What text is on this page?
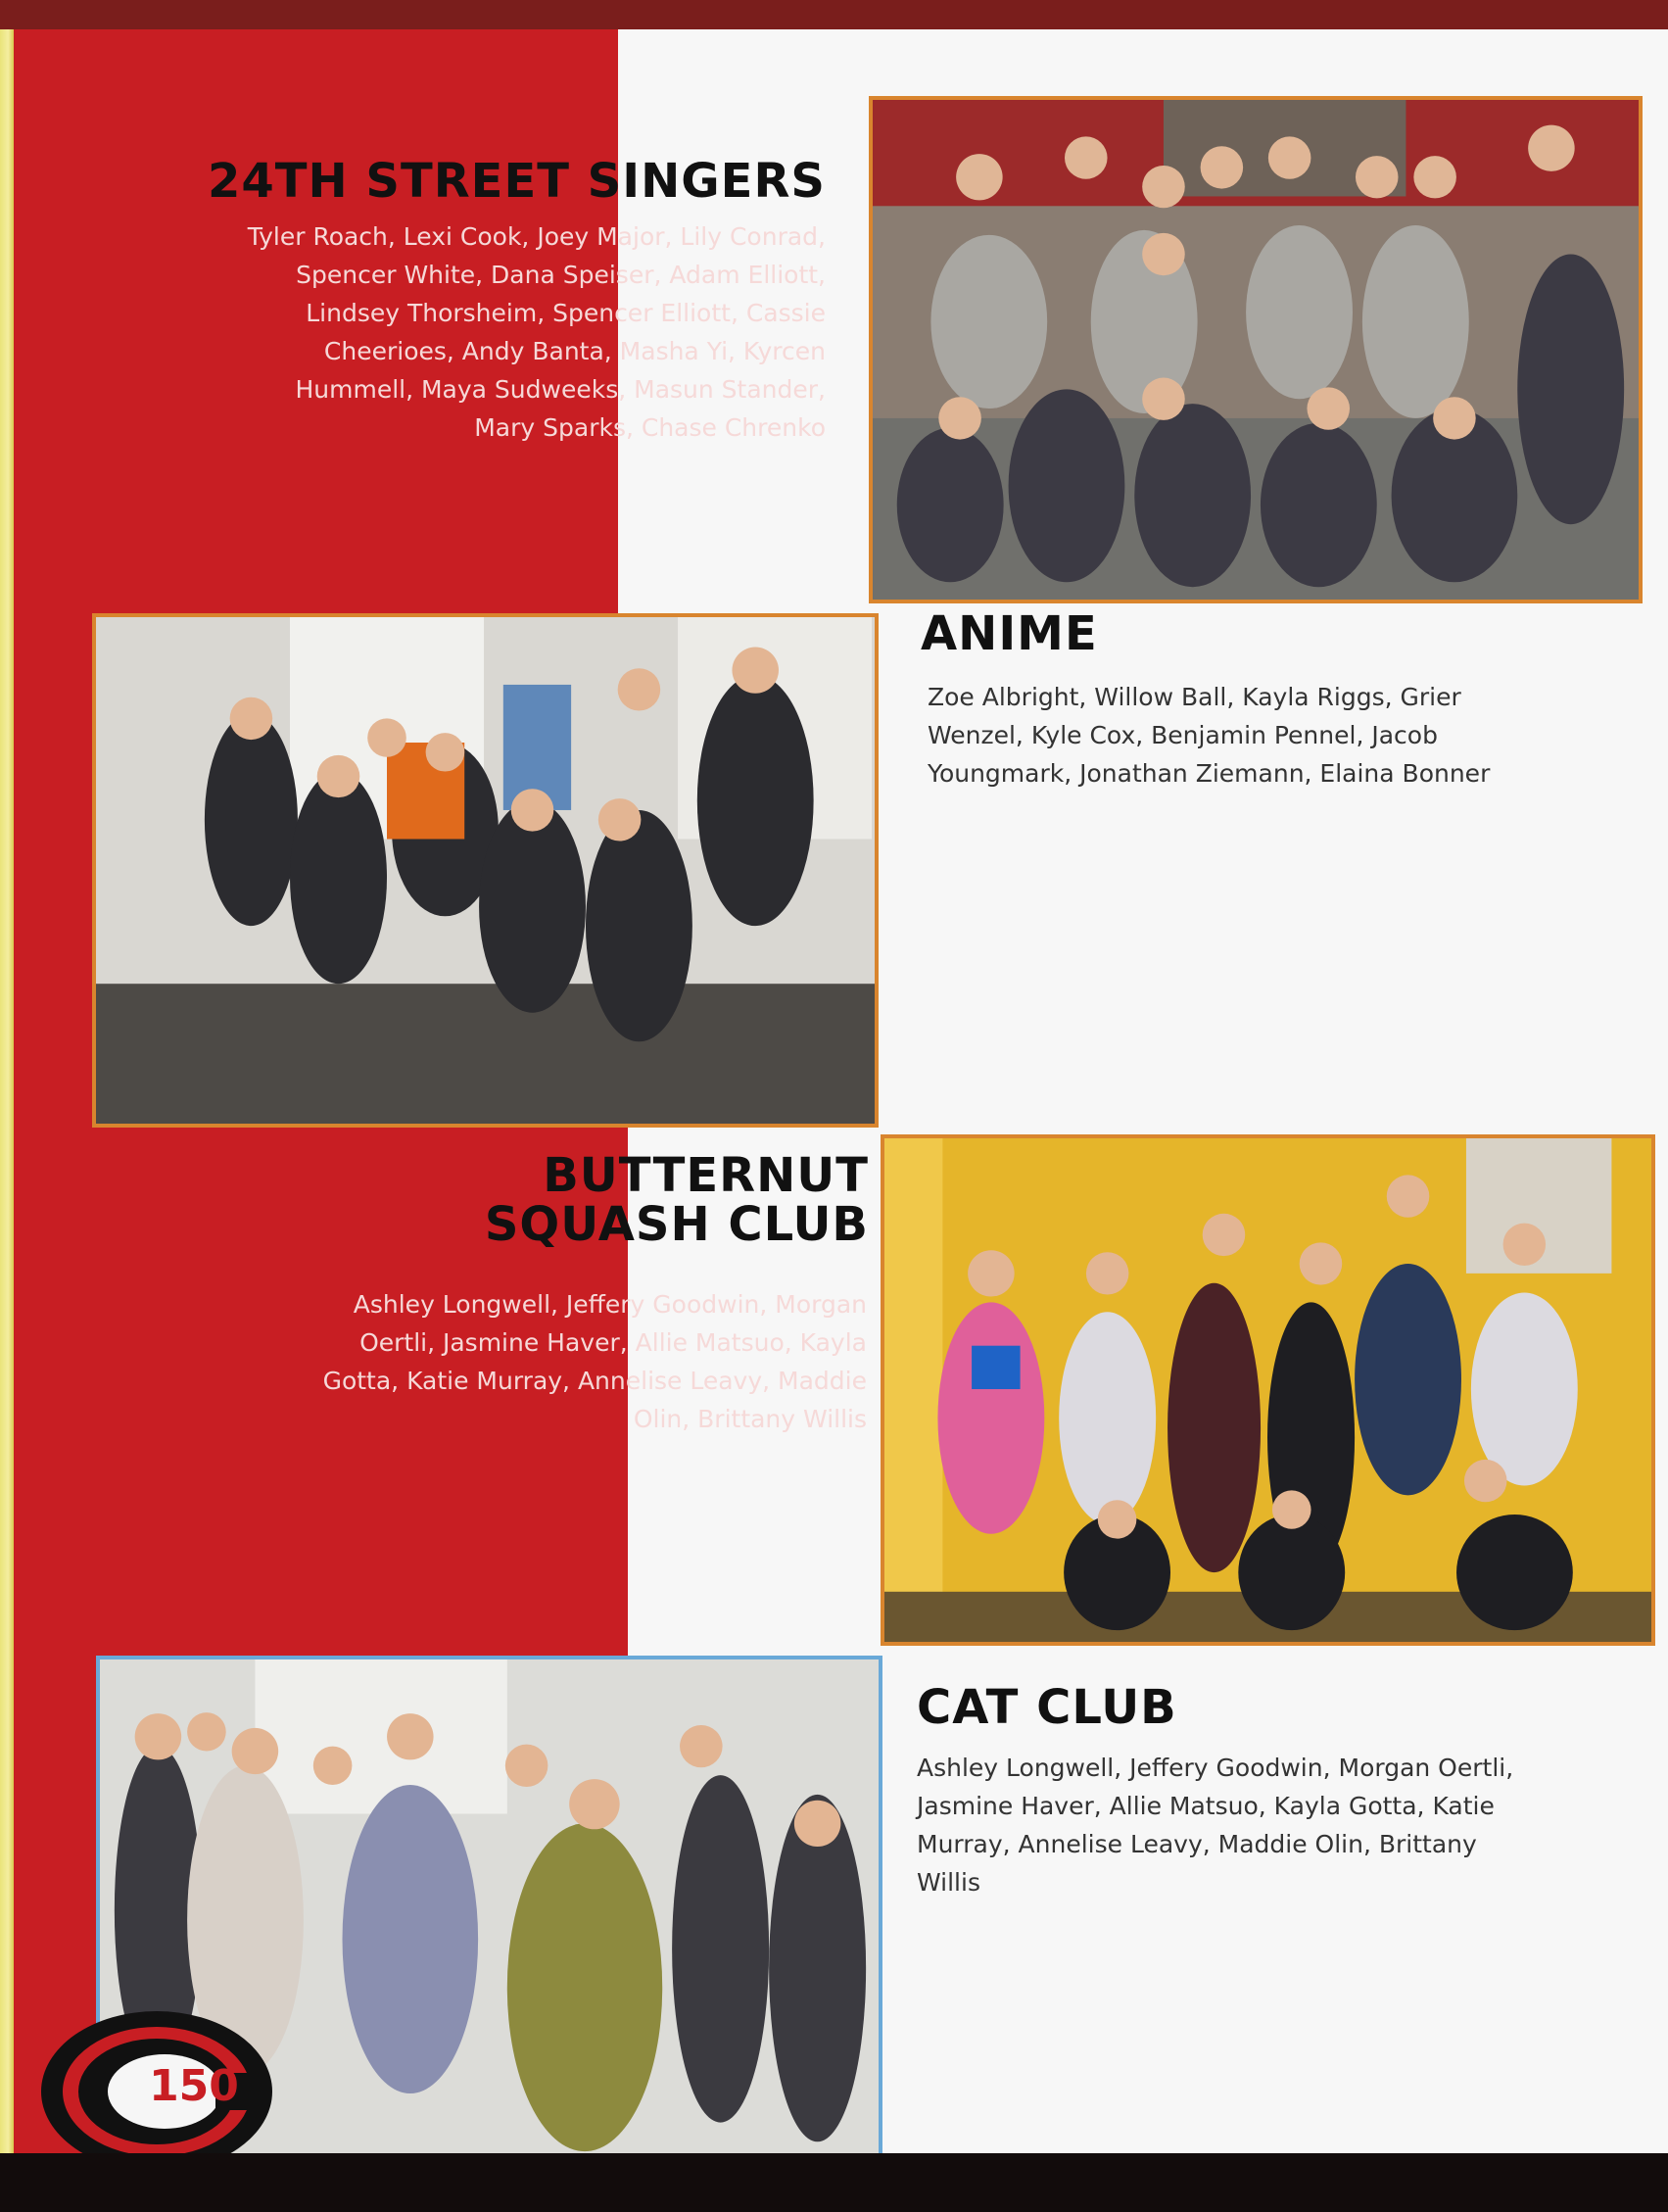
24TH STREET SINGERS

Tyler Roach, Lexi Cook, Joey Major, Lily Conrad, Spencer White, Dana Speiser, Adam Elliott, Lindsey Thorsheim, Spencer Elliott, Cassie Cheerioes, Andy Banta, Masha Yi, Kyrcen Hummell, Maya Sudweeks, Masun Stander, Mary Sparks, Chase Chrenko

ANIME

Zoe Albright, Willow Ball, Kayla Riggs, Grier Wenzel, Kyle Cox, Benjamin Pennel, Jacob Youngmark, Jonathan Ziemann, Elaina Bonner

BUTTERNUT SQUASH CLUB

Ashley Longwell, Jeffery Goodwin, Morgan Oertli, Jasmine Haver, Allie Matsuo, Kayla Gotta, Katie Murray, Annelise Leavy, Maddie Olin, Brittany Willis

CAT CLUB

Ashley Longwell, Jeffery Goodwin, Morgan Oertli, Jasmine Haver, Allie Matsuo, Kayla Gotta, Katie Murray, Annelise Leavy, Maddie Olin, Brittany Willis

150
